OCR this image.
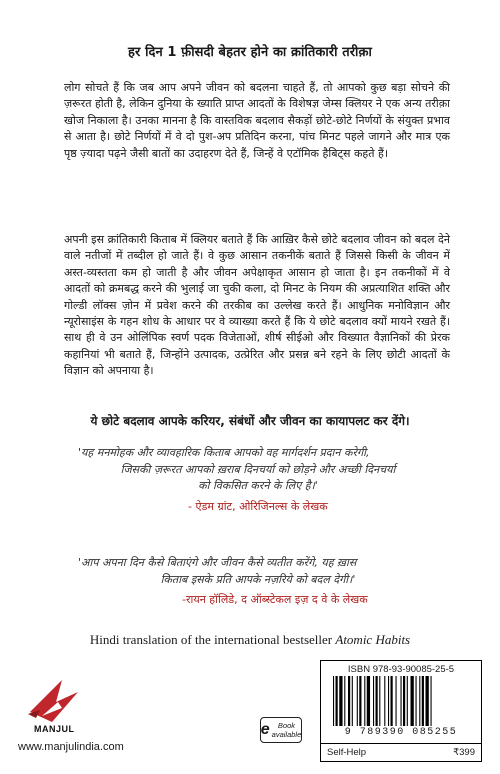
हर दिन 1 फ़ीसदी बेहतर होने का क्रांतिकारी तरीक़ा
लोग सोचते हैं कि जब आप अपने जीवन को बदलना चाहते हैं, तो आपको कुछ बड़ा सोचने की ज़रूरत होती है, लेकिन दुनिया के ख्याति प्राप्त आदतों के विशेषज्ञ जेम्स क्लियर ने एक अन्य तरीक़ा खोज निकाला है। उनका मानना है कि वास्तविक बदलाव सैकड़ों छोटे-छोटे निर्णयों के संयुक्त प्रभाव से आता है। छोटे निर्णयों में वे दो पुश-अप प्रतिदिन करना, पांच मिनट पहले जागने और मात्र एक पृष्ठ ज़्यादा पढ़ने जैसी बातों का उदाहरण देते हैं, जिन्हें वे एटॉमिक हैबिट्स कहते हैं।
अपनी इस क्रांतिकारी किताब में क्लियर बताते हैं कि आख़िर कैसे छोटे बदलाव जीवन को बदल देने वाले नतीजों में तब्दील हो जाते हैं। वे कुछ आसान तकनीकें बताते हैं जिससे किसी के जीवन में अस्त-व्यस्तता कम हो जाती है और जीवन अपेक्षाकृत आसान हो जाता है। इन तकनीकों में वे आदतों को क्रमबद्ध करने की भुलाई जा चुकी कला, दो मिनट के नियम की अप्रत्याशित शक्ति और गोल्डी लॉक्स ज़ोन में प्रवेश करने की तरकीब का उल्लेख करते हैं। आधुनिक मनोविज्ञान और न्यूरोसाइंस के गहन शोध के आधार पर वे व्याख्या करते हैं कि ये छोटे बदलाव क्यों मायने रखते हैं। साथ ही वे उन ओलिंपिक स्वर्ण पदक विजेताओं, शीर्ष सीईओ और विख्यात वैज्ञानिकों की प्रेरक कहानियां भी बताते हैं, जिन्होंने उत्पादक, उत्प्रेरित और प्रसन्न बने रहने के लिए छोटी आदतों के विज्ञान को अपनाया है।
ये छोटे बदलाव आपके करियर, संबंधों और जीवन का कायापलट कर देंगे।
'यह मनमोहक और व्यावहारिक किताब आपको वह मार्गदर्शन प्रदान करेगी,
जिसकी ज़रूरत आपको ख़राब दिनचर्या को छोड़ने और अच्छी दिनचर्या
को विकसित करने के लिए है।'
- ऐडम ग्रांट, ओरिजिनल्स के लेखक
'आप अपना दिन कैसे बिताएंगे और जीवन कैसे व्यतीत करेंगे, यह ख़ास
किताब इसके प्रति आपके नज़रिये को बदल देगी।'
-रायन हॉलिडे, द ऑब्स्टेकल इज़ द वे के लेखक
Hindi translation of the international bestseller Atomic Habits
MANJUL
www.manjulindia.com
e	Book
available
ISBN 978-93-90085-25-5
9 789390 085255
Self-Help	₹399
